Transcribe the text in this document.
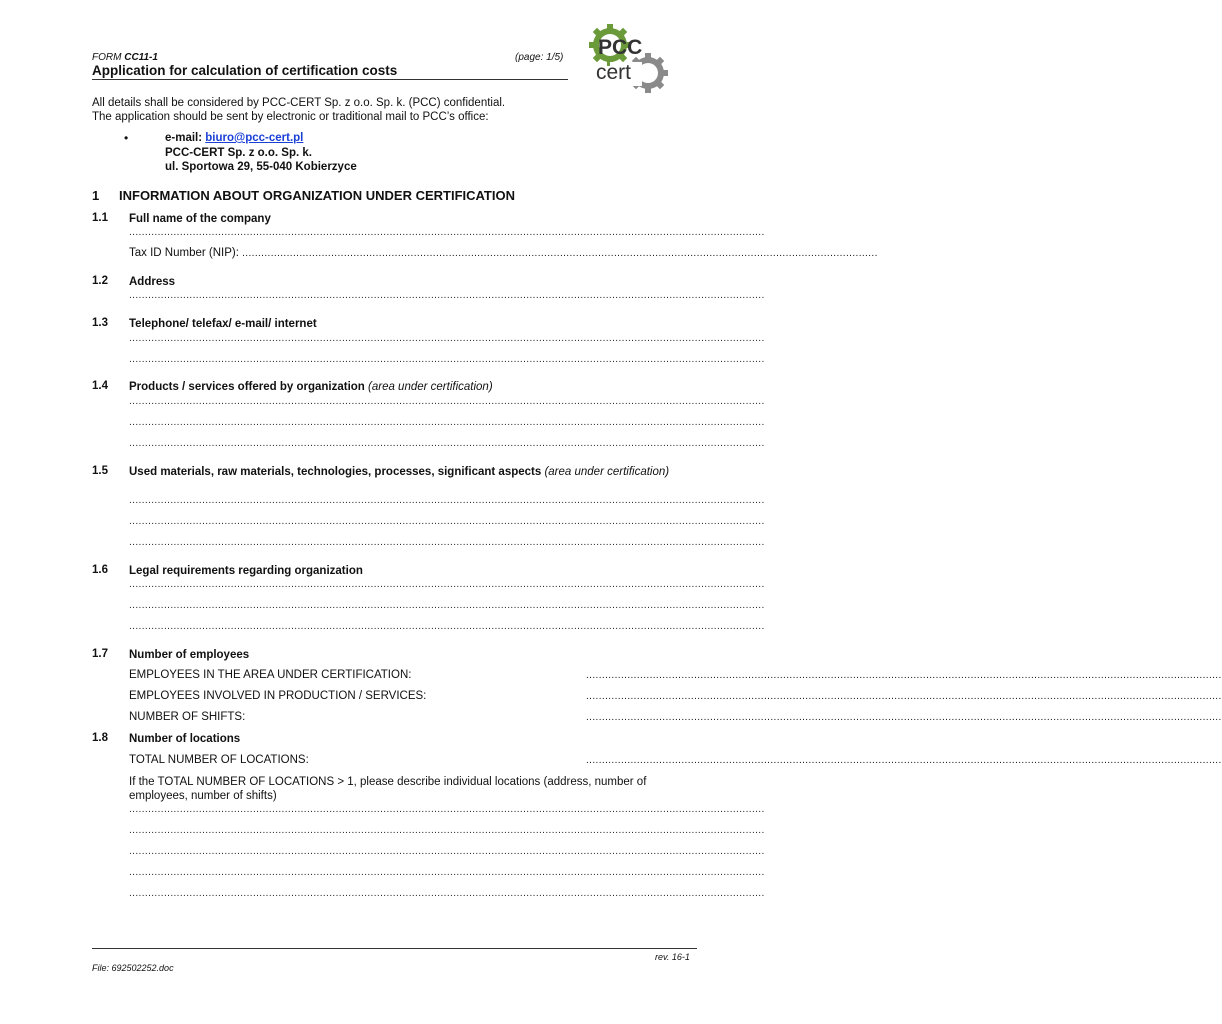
FORM CC11-1	(page: 1/5)
Application for calculation of certification costs
PCC
cert
All details shall be considered by PCC-CERT Sp. z o.o. Sp. k. (PCC) confidential.
The application should be sent by electronic or traditional mail to PCC’s office:
•	e-mail: biuro@pcc-cert.pl
PCC-CERT Sp. z o.o. Sp. k.
ul. Sportowa 29, 55-040 Kobierzyce
1 INFORMATION ABOUT ORGANIZATION UNDER CERTIFICATION
1.1 Full name of the company
........................................................................................................................................................................................................
Tax ID Number (NIP): ........................................................................................................................................................................................................
1.2 Address
........................................................................................................................................................................................................
1.3 Telephone/ telefax/ e-mail/ internet
........................................................................................................................................................................................................
........................................................................................................................................................................................................
1.4 Products / services offered by organization (area under certification)
........................................................................................................................................................................................................
........................................................................................................................................................................................................
........................................................................................................................................................................................................
1.5 Used materials, raw materials, technologies, processes, significant aspects (area under certification)
........................................................................................................................................................................................................
........................................................................................................................................................................................................
........................................................................................................................................................................................................
1.6 Legal requirements regarding organization
........................................................................................................................................................................................................
........................................................................................................................................................................................................
........................................................................................................................................................................................................
1.7 Number of employees
EMPLOYEES IN THE AREA UNDER CERTIFICATION:	........................................................................................................................................................................................................
EMPLOYEES INVOLVED IN PRODUCTION / SERVICES:	........................................................................................................................................................................................................
NUMBER OF SHIFTS:	........................................................................................................................................................................................................
1.8 Number of locations
TOTAL NUMBER OF LOCATIONS:	........................................................................................................................................................................................................
If the TOTAL NUMBER OF LOCATIONS > 1, please describe individual locations (address, number of employees, number of shifts)
........................................................................................................................................................................................................
........................................................................................................................................................................................................
........................................................................................................................................................................................................
........................................................................................................................................................................................................
........................................................................................................................................................................................................
rev. 16-1
File: 692502252.doc
